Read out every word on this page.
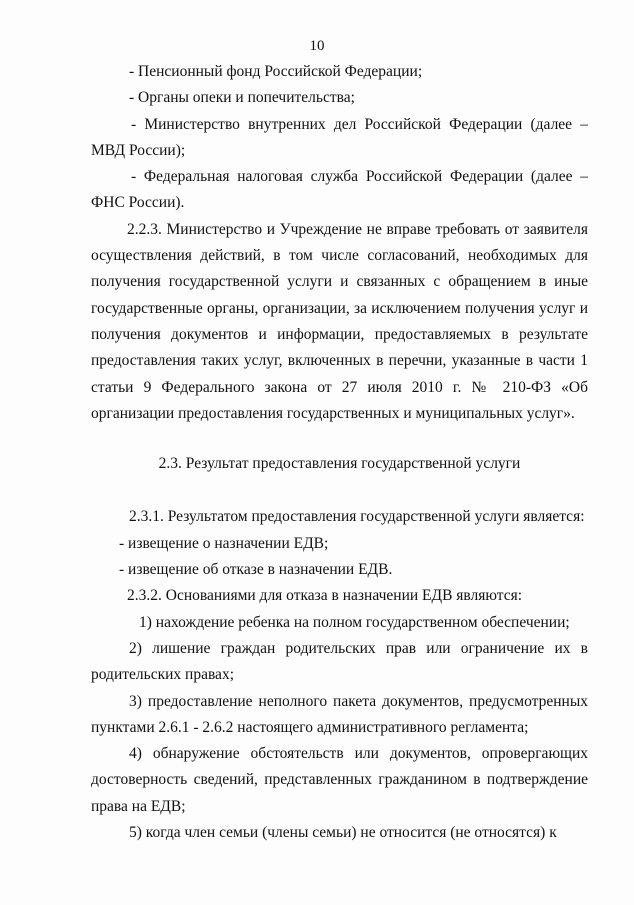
10

- Пенсионный фонд Российской Федерации;

- Органы опеки и попечительства;

- Министерство внутренних дел Российской Федерации (далее – МВД России);

- Федеральная налоговая служба Российской Федерации (далее –ФНС России).

2.2.3. Министерство и Учреждение не вправе требовать от заявителя осуществления действий, в том числе согласований, необходимых для получения государственной услуги и связанных с обращением в иные государственные органы, организации, за исключением получения услуг и получения документов и информации, предоставляемых в результате предоставления таких услуг, включенных в перечни, указанные в части 1 статьи 9 Федерального закона от 27 июля 2010 г. № 210-ФЗ «Об организации предоставления государственных и муниципальных услуг».

2.3. Результат предоставления государственной услуги

2.3.1. Результатом предоставления государственной услуги является:

- извещение о назначении ЕДВ;

- извещение об отказе в назначении ЕДВ.

2.3.2. Основаниями для отказа в назначении ЕДВ являются:

1) нахождение ребенка на полном государственном обеспечении;

2) лишение граждан родительских прав или ограничение их в родительских правах;

3) предоставление неполного пакета документов, предусмотренных пунктами 2.6.1 - 2.6.2 настоящего административного регламента;

4) обнаружение обстоятельств или документов, опровергающих достоверность сведений, представленных гражданином в подтверждение права на ЕДВ;

5) когда член семьи (члены семьи) не относится (не относятся) к
